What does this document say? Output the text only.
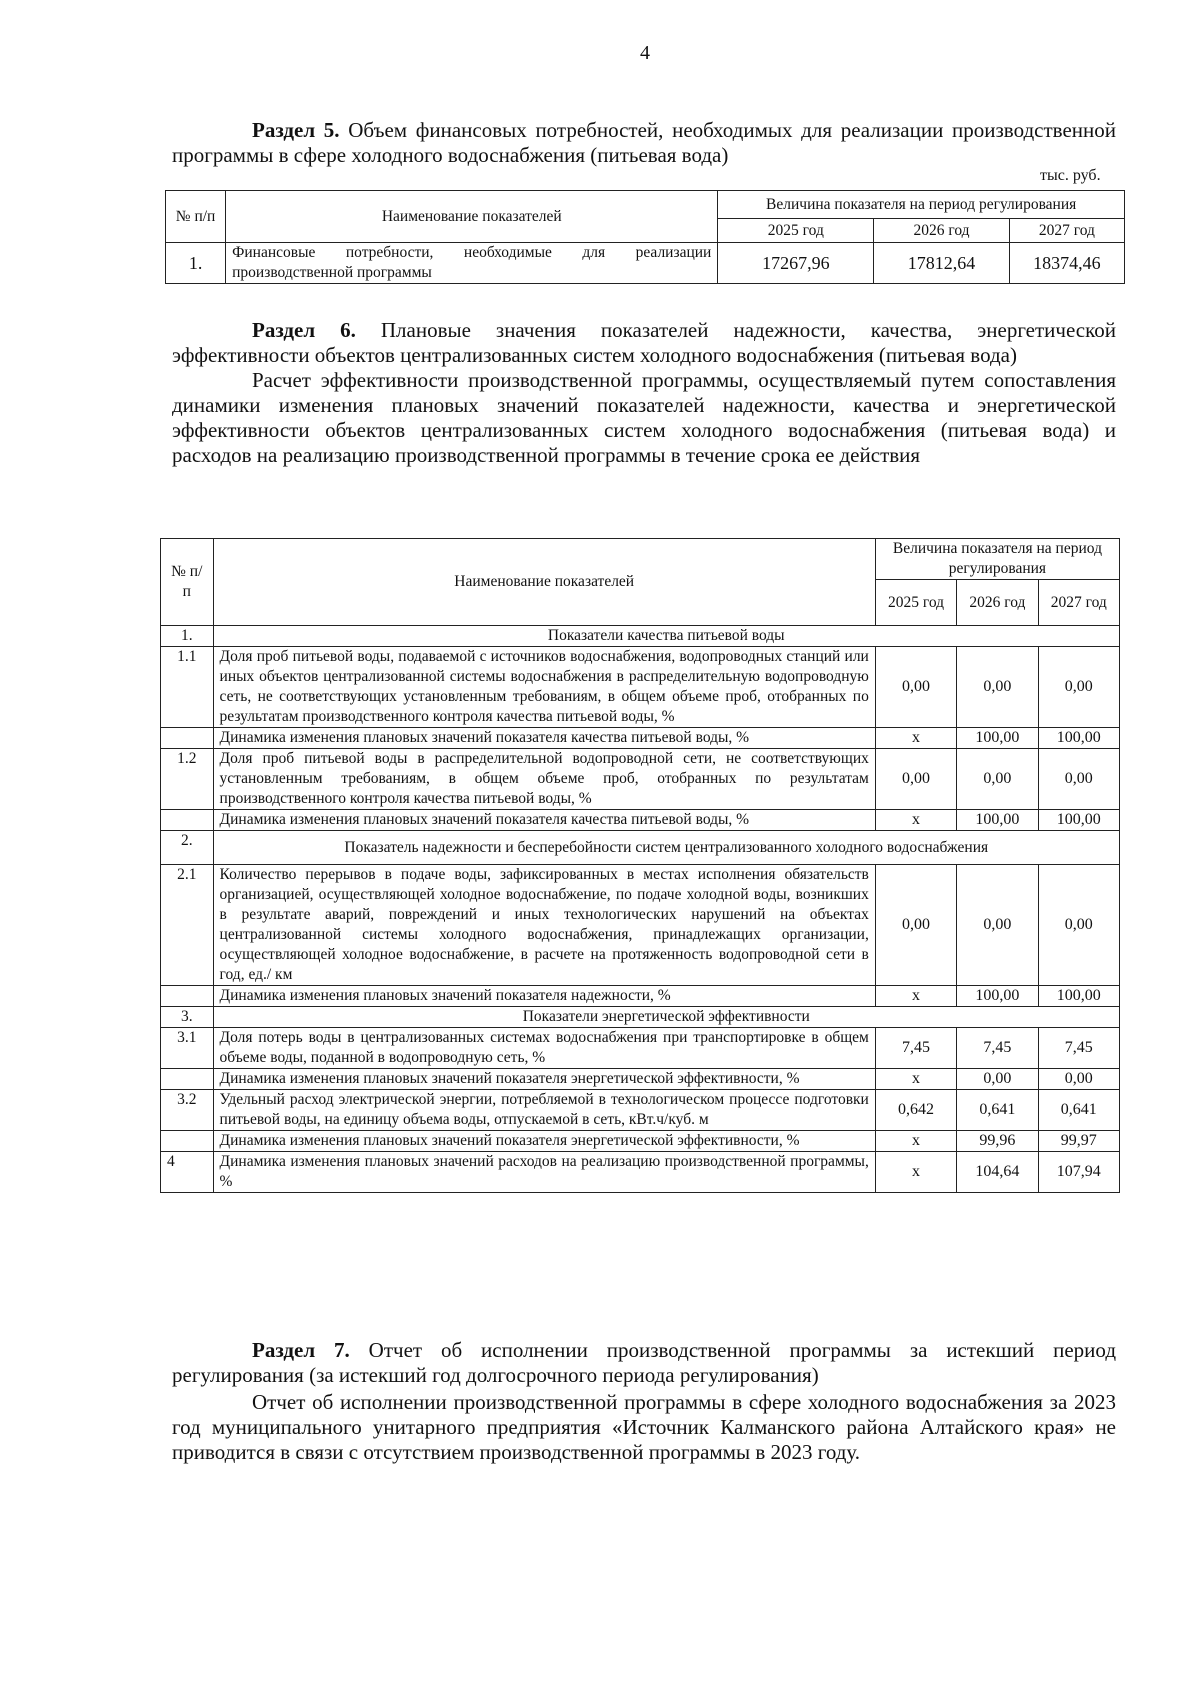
4

Раздел 5. Объем финансовых потребностей, необходимых для реализации производственной программы в сфере холодного водоснабжения (питьевая вода)

тыс. руб.
№ п/п	Наименование показателей	Величина показателя на период регулирования		
		2025 год	2026 год	2027 год
1.	Финансовые потребности, необходимые для реализации производственной программы	17267,96	17812,64	18374,46

Раздел 6. Плановые значения показателей надежности, качества, энергетической эффективности объектов централизованных систем холодного водоснабжения (питьевая вода)

Расчет эффективности производственной программы, осуществляемый путем сопоставления динамики изменения плановых значений показателей надежности, качества и энергетической эффективности объектов централизованных систем холодного водоснабжения (питьевая вода) и расходов на реализацию производственной программы в течение срока ее действия

№ п/п	Наименование показателей	Величина показателя на период регулирования		
		2025 год	2026 год	2027 год
1.	Показатели качества питьевой воды			
1.1	Доля проб питьевой воды, подаваемой с источников водоснабжения, водопроводных станций или иных объектов централизованной системы водоснабжения в распределительную водопроводную сеть, не соответствующих установленным требованиям, в общем объеме проб, отобранных по результатам производственного контроля качества питьевой воды, %	0,00	0,00	0,00
	Динамика изменения плановых значений показателя качества питьевой воды, %	х	100,00	100,00
1.2	Доля проб питьевой воды в распределительной водопроводной сети, не соответствующих установленным требованиям, в общем объеме проб, отобранных по результатам производственного контроля качества питьевой воды, %	0,00	0,00	0,00
	Динамика изменения плановых значений показателя качества питьевой воды, %	х	100,00	100,00
2.	Показатель надежности и бесперебойности систем централизованного холодного водоснабжения			
2.1	Количество перерывов в подаче воды, зафиксированных в местах исполнения обязательств организацией, осуществляющей холодное водоснабжение, по подаче холодной воды, возникших в результате аварий, повреждений и иных технологических нарушений на объектах централизованной системы холодного водоснабжения, принадлежащих организации, осуществляющей холодное водоснабжение, в расчете на протяженность водопроводной сети в год, ед./ км	0,00	0,00	0,00
	Динамика изменения плановых значений показателя надежности, %	х	100,00	100,00
3.	Показатели энергетической эффективности			
3.1	Доля потерь воды в централизованных системах водоснабжения при транспортировке в общем объеме воды, поданной в водопроводную сеть, %	7,45	7,45	7,45
	Динамика изменения плановых значений показателя энергетической эффективности, %	х	0,00	0,00
3.2	Удельный расход электрической энергии, потребляемой в технологическом процессе подготовки питьевой воды, на единицу объема воды, отпускаемой в сеть, кВт.ч/куб. м	0,642	0,641	0,641
	Динамика изменения плановых значений показателя энергетической эффективности, %	х	99,96	99,97
4	Динамика изменения плановых значений расходов на реализацию производственной программы, %	х	104,64	107,94

Раздел 7. Отчет об исполнении производственной программы за истекший период регулирования (за истекший год долгосрочного периода регулирования)

Отчет об исполнении производственной программы в сфере холодного водоснабжения за 2023 год муниципального унитарного предприятия «Источник Калманского района Алтайского края» не приводится в связи с отсутствием производственной программы в 2023 году.
